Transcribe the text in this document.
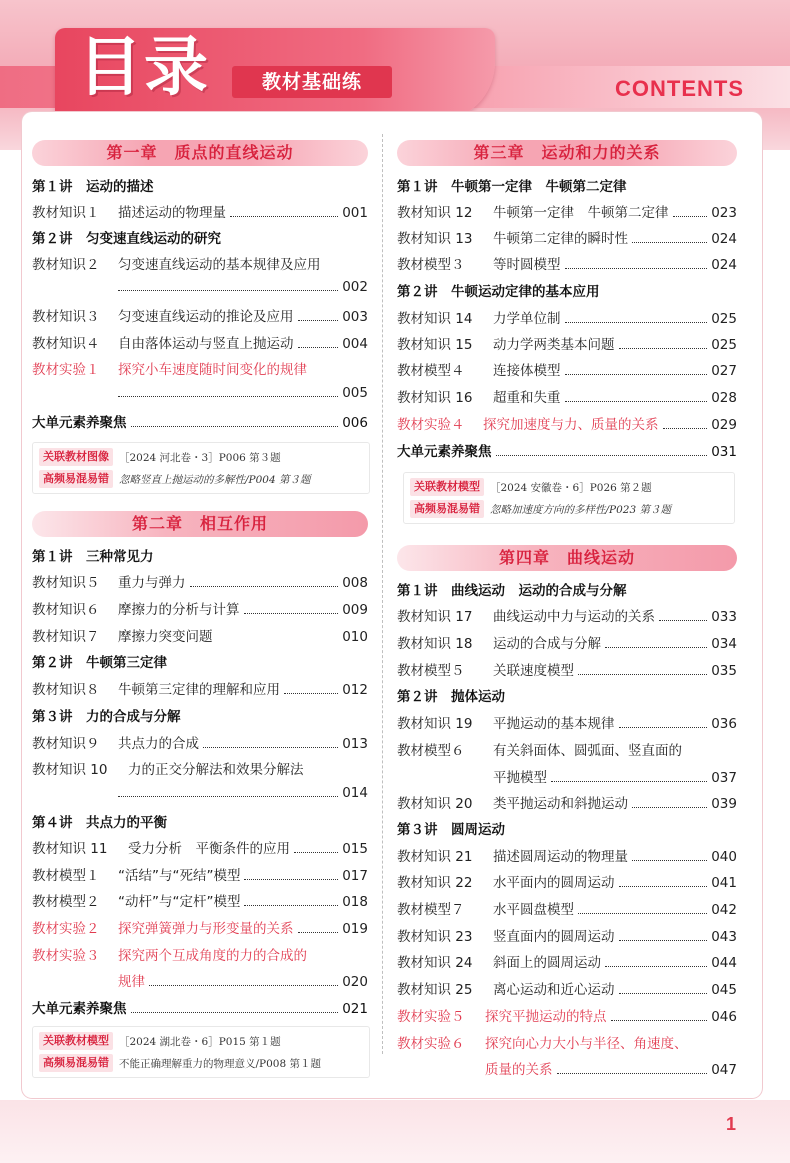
目录	教材基础练	CONTENTS
第一章　质点的直线运动
第１讲　运动的描述
教材知识１	描述运动的物理量	001
第２讲　匀变速直线运动的研究
教材知识２	匀变速直线运动的基本规律及应用
002
教材知识３	匀变速直线运动的推论及应用	003
教材知识４	自由落体运动与竖直上抛运动	004
教材实验１	探究小车速度随时间变化的规律
005
大单元素养聚焦	006
关联教材图像 ［2024 河北卷・3］P006 第３题
高频易混易错 忽略竖直上抛运动的多解性/P004 第３题
第二章　相互作用
第１讲　三种常见力
教材知识５	重力与弹力	008
教材知识６	摩擦力的分析与计算	009
教材知识７	摩擦力突变问题	010
第２讲　牛顿第三定律
教材知识８	牛顿第三定律的理解和应用	012
第３讲　力的合成与分解
教材知识９	共点力的合成	013
教材知识 10	力的正交分解法和效果分解法
014
第４讲　共点力的平衡
教材知识 11	受力分析　平衡条件的应用	015
教材模型１	“活结”与“死结”模型	017
教材模型２	“动杆”与“定杆”模型	018
教材实验２	探究弹簧弹力与形变量的关系	019
教材实验３	探究两个互成角度的力的合成的
规律	020
大单元素养聚焦	021
关联教材模型 ［2024 湖北卷・6］P015 第１题
高频易混易错 不能正确理解重力的物理意义/P008 第１题
第三章　运动和力的关系
第１讲　牛顿第一定律　牛顿第二定律
教材知识 12	牛顿第一定律　牛顿第二定律	023
教材知识 13	牛顿第二定律的瞬时性	024
教材模型３	等时圆模型	024
第２讲　牛顿运动定律的基本应用
教材知识 14	力学单位制	025
教材知识 15	动力学两类基本问题	025
教材模型４	连接体模型	027
教材知识 16	超重和失重	028
教材实验４	探究加速度与力、质量的关系	029
大单元素养聚焦	031
关联教材模型 ［2024 安徽卷・6］P026 第２题
高频易混易错 忽略加速度方向的多样性/P023 第３题
第四章　曲线运动
第１讲　曲线运动　运动的合成与分解
教材知识 17	曲线运动中力与运动的关系	033
教材知识 18	运动的合成与分解	034
教材模型５	关联速度模型	035
第２讲　抛体运动
教材知识 19	平抛运动的基本规律	036
教材模型６	有关斜面体、圆弧面、竖直面的
平抛模型	037
教材知识 20	类平抛运动和斜抛运动	039
第３讲　圆周运动
教材知识 21	描述圆周运动的物理量	040
教材知识 22	水平面内的圆周运动	041
教材模型７	水平圆盘模型	042
教材知识 23	竖直面内的圆周运动	043
教材知识 24	斜面上的圆周运动	044
教材知识 25	离心运动和近心运动	045
教材实验５	探究平抛运动的特点	046
教材实验６	探究向心力大小与半径、角速度、
质量的关系	047
1
